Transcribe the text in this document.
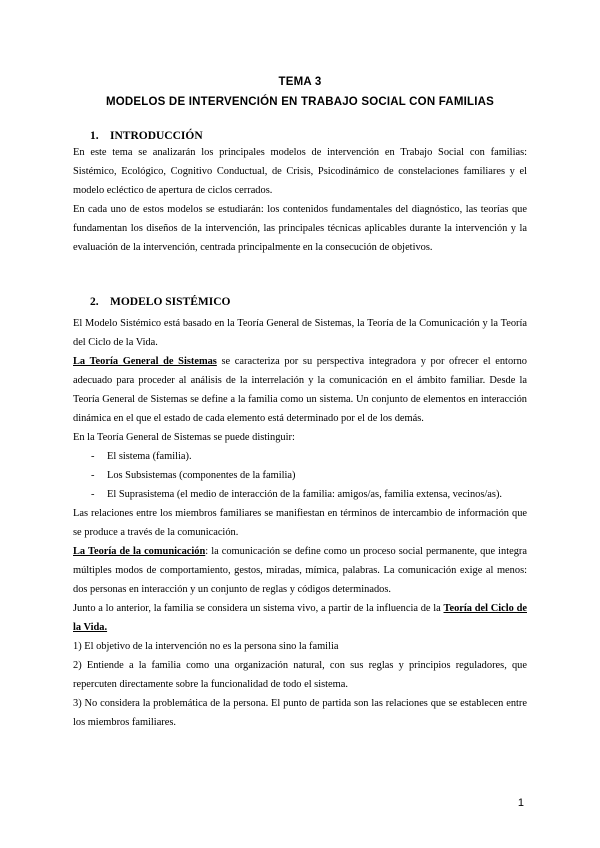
TEMA 3
MODELOS DE INTERVENCIÓN EN TRABAJO SOCIAL CON FAMILIAS
1. INTRODUCCIÓN

En este tema se analizarán los principales modelos de intervención en Trabajo Social con familias: Sistémico, Ecológico, Cognitivo Conductual, de Crisis, Psicodinámico de constelaciones familiares y el modelo ecléctico de apertura de ciclos cerrados.

En cada uno de estos modelos se estudiarán: los contenidos fundamentales del diagnóstico, las teorías que fundamentan los diseños de la intervención, las principales técnicas aplicables durante la intervención y la evaluación de la intervención, centrada principalmente en la consecución de objetivos.

2. MODELO SISTÉMICO

El Modelo Sistémico está basado en la Teoría General de Sistemas, la Teoría de la Comunicación y la Teoría del Ciclo de la Vida.

La Teoría General de Sistemas se caracteriza por su perspectiva integradora y por ofrecer el entorno adecuado para proceder al análisis de la interrelación y la comunicación en el ámbito familiar. Desde la Teoría General de Sistemas se define a la familia como un sistema. Un conjunto de elementos en interacción dinámica en el que el estado de cada elemento está determinado por el de los demás.

En la Teoría General de Sistemas se puede distinguir:

- El sistema (familia).

- Los Subsistemas (componentes de la familia)

- El Suprasistema (el medio de interacción de la familia: amigos/as, familia extensa, vecinos/as).

Las relaciones entre los miembros familiares se manifiestan en términos de intercambio de información que se produce a través de la comunicación.

La Teoría de la comunicación: la comunicación se define como un proceso social permanente, que integra múltiples modos de comportamiento, gestos, miradas, mímica, palabras. La comunicación exige al menos: dos personas en interacción y un conjunto de reglas y códigos determinados.

Junto a lo anterior, la familia se considera un sistema vivo, a partir de la influencia de la Teoría del Ciclo de la Vida.

1) El objetivo de la intervención no es la persona sino la familia

2) Entiende a la familia como una organización natural, con sus reglas y principios reguladores, que repercuten directamente sobre la funcionalidad de todo el sistema.

3) No considera la problemática de la persona. El punto de partida son las relaciones que se establecen entre los miembros familiares.

1
